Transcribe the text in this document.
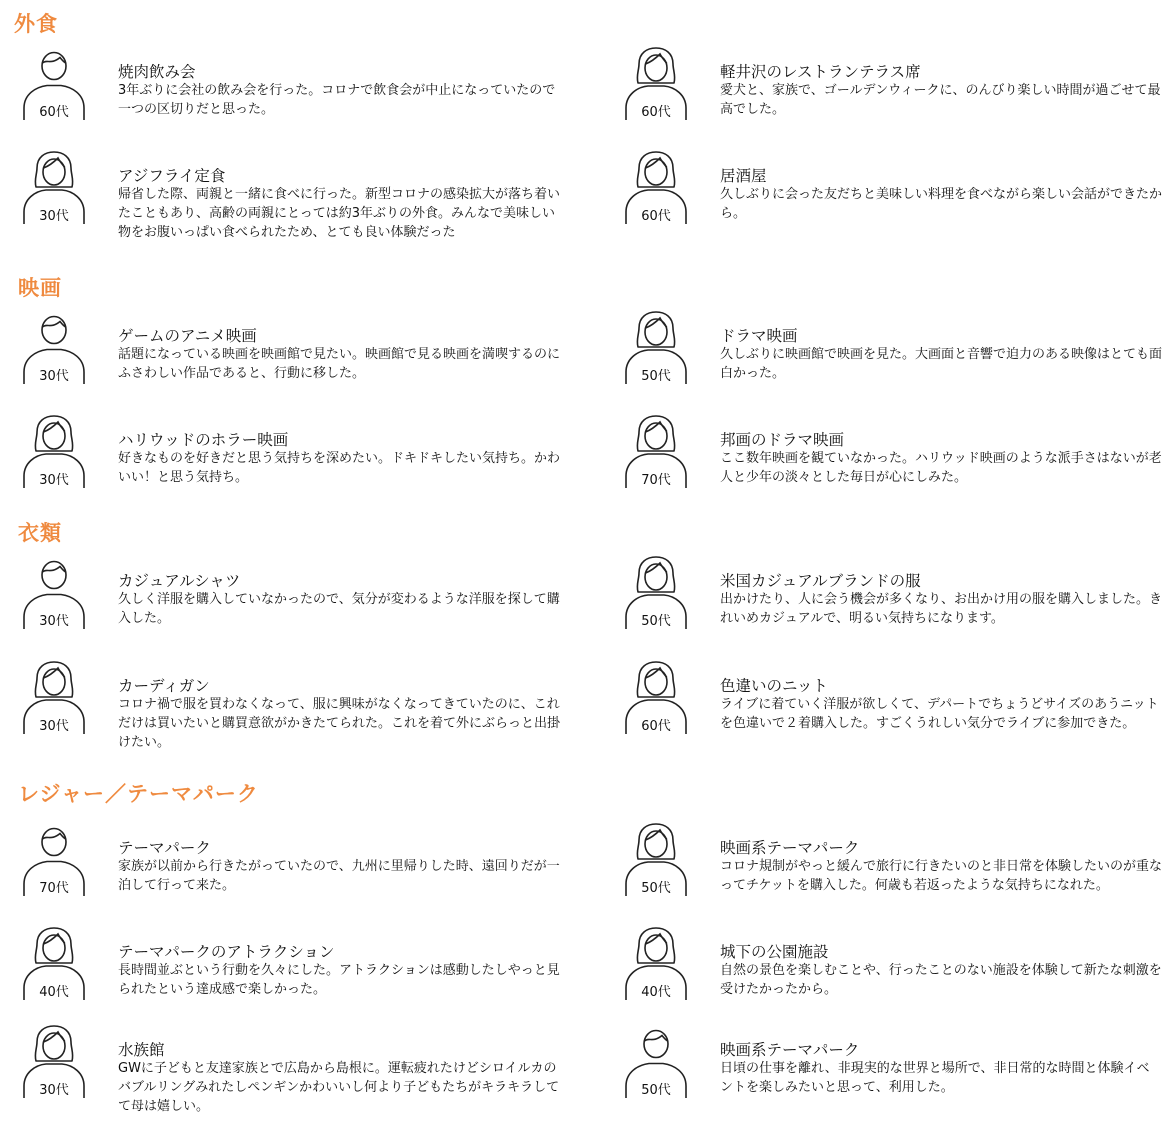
外食
60代
焼肉飲み会

3年ぶりに会社の飲み会を行った。コロナで飲食会が中止になっていたので一つの区切りだと思った。	60代
軽井沢のレストランテラス席

愛犬と、家族で、ゴールデンウィークに、のんびり楽しい時間が過ごせて最高でした。

30代
アジフライ定食

帰省した際、両親と一緒に食べに行った。新型コロナの感染拡大が落ち着いたこともあり、高齢の両親にとっては約3年ぶりの外食。みんなで美味しい物をお腹いっぱい食べられたため、とても良い体験だった

60代
居酒屋

久しぶりに会った友だちと美味しい料理を食べながら楽しい会話ができたから。

映画
30代
ゲームのアニメ映画

話題になっている映画を映画館で見たい。映画館で見る映画を満喫するのにふさわしい作品であると、行動に移した。	50代
ドラマ映画

久しぶりに映画館で映画を見た。大画面と音響で迫力のある映像はとても面白かった。

30代
ハリウッドのホラー映画

好きなものを好きだと思う気持ちを深めたい。ドキドキしたい気持ち。かわいい！と思う気持ち。	70代
邦画のドラマ映画

ここ数年映画を観ていなかった。ハリウッド映画のような派手さはないが老人と少年の淡々とした毎日が心にしみた。

衣類
30代
カジュアルシャツ

久しく洋服を購入していなかったので、気分が変わるような洋服を探して購入した。	50代
米国カジュアルブランドの服

出かけたり、人に会う機会が多くなり、お出かけ用の服を購入しました。きれいめカジュアルで、明るい気持ちになります。

30代
カーディガン

コロナ禍で服を買わなくなって、服に興味がなくなってきていたのに、これだけは買いたいと購買意欲がかきたてられた。これを着て外にぶらっと出掛けたい。

60代
色違いのニット

ライブに着ていく洋服が欲しくて、デパートでちょうどサイズのあうニットを色違いで２着購入した。すごくうれしい気分でライブに参加できた。

レジャー／テーマパーク
70代
テーマパーク

家族が以前から行きたがっていたので、九州に里帰りした時、遠回りだが一泊して行って来た。	50代
映画系テーマパーク

コロナ規制がやっと緩んで旅行に行きたいのと非日常を体験したいのが重なってチケットを購入した。何歳も若返ったような気持ちになれた。

40代
テーマパークのアトラクション

長時間並ぶという行動を久々にした。アトラクションは感動したしやっと見られたという達成感で楽しかった。	40代
城下の公園施設

自然の景色を楽しむことや、行ったことのない施設を体験して新たな刺激を受けたかったから。

30代
水族館

GWに子どもと友達家族とで広島から島根に。運転疲れたけどシロイルカのバブルリングみれたしペンギンかわいいし何より子どもたちがキラキラしてて母は嬉しい。

50代
映画系テーマパーク

日頃の仕事を離れ、非現実的な世界と場所で、非日常的な時間と体験イベントを楽しみたいと思って、利用した。
